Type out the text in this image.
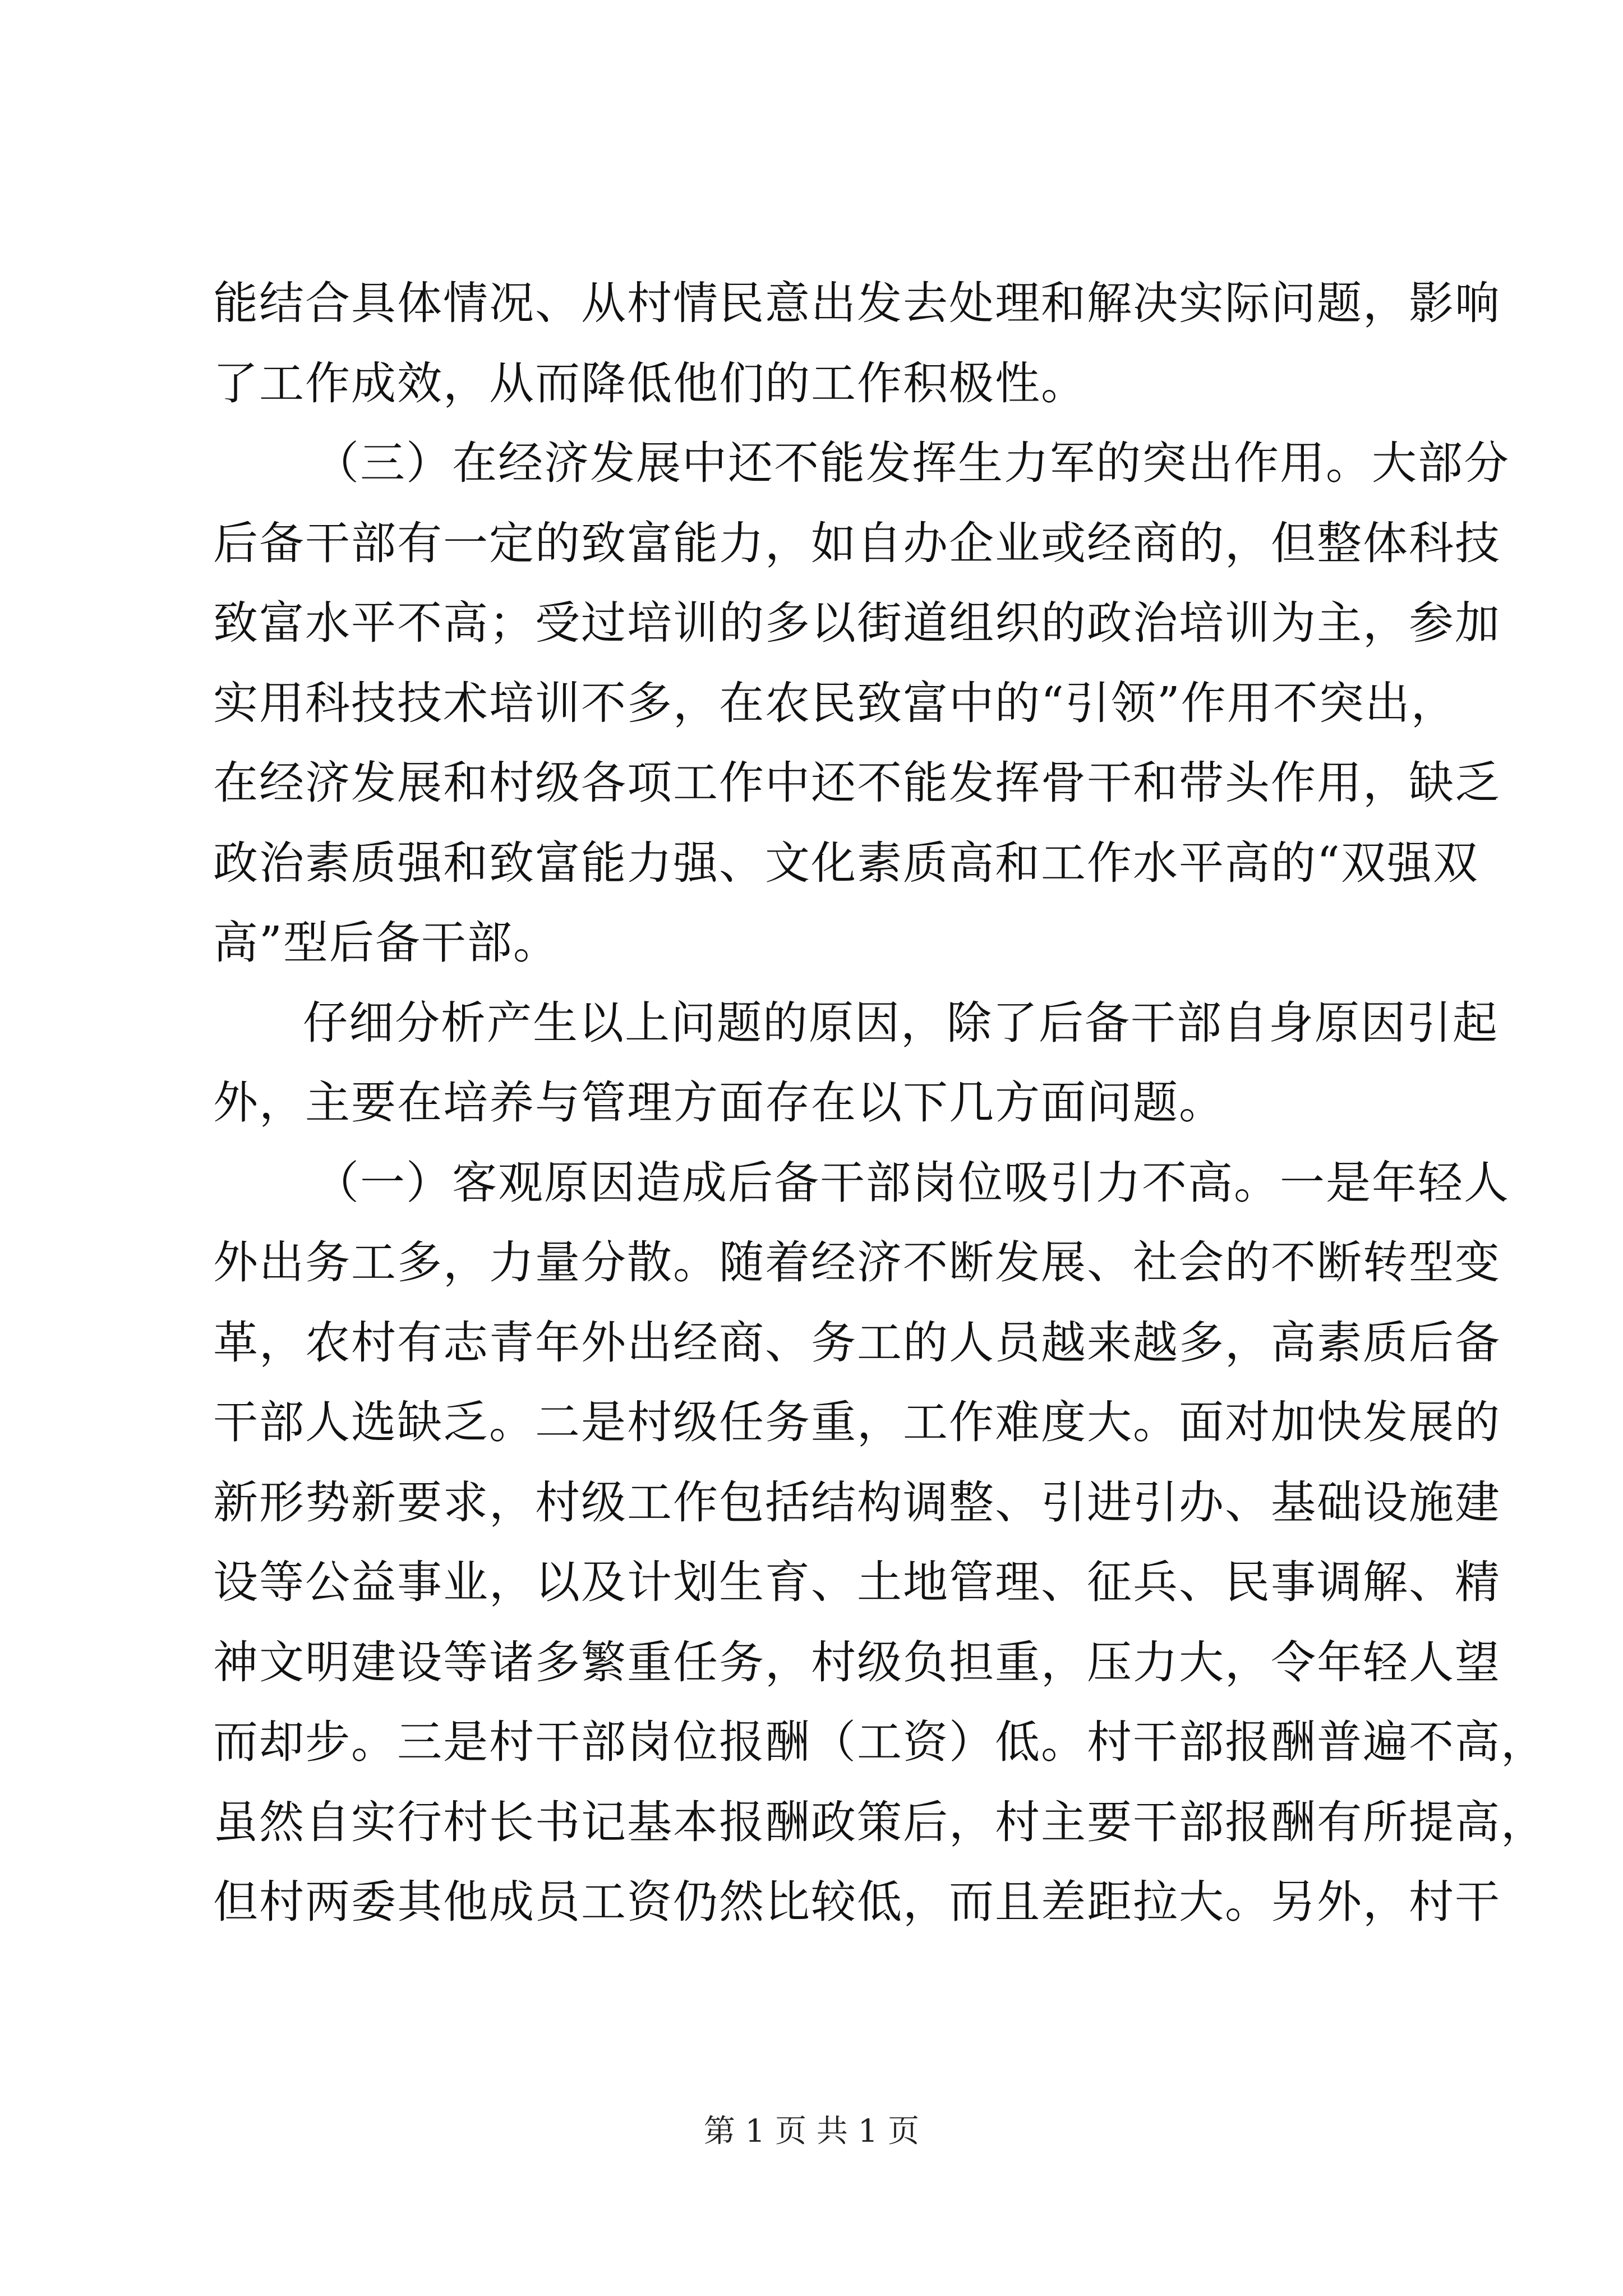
能结合具体情况、从村情民意出发去处理和解决实际问题，影响
了工作成效，从而降低他们的工作积极性。
（三）在经济发展中还不能发挥生力军的突出作用。大部分
后备干部有一定的致富能力，如自办企业或经商的，但整体科技
致富水平不高；受过培训的多以街道组织的政治培训为主，参加
实用科技技术培训不多，在农民致富中的“引领”作用不突出，
在经济发展和村级各项工作中还不能发挥骨干和带头作用，缺乏
政治素质强和致富能力强、文化素质高和工作水平高的“双强双
高”型后备干部。
仔细分析产生以上问题的原因，除了后备干部自身原因引起
外，主要在培养与管理方面存在以下几方面问题。
（一）客观原因造成后备干部岗位吸引力不高。一是年轻人
外出务工多，力量分散。随着经济不断发展、社会的不断转型变
革，农村有志青年外出经商、务工的人员越来越多，高素质后备
干部人选缺乏。二是村级任务重，工作难度大。面对加快发展的
新形势新要求，村级工作包括结构调整、引进引办、基础设施建
设等公益事业，以及计划生育、土地管理、征兵、民事调解、精
神文明建设等诸多繁重任务，村级负担重，压力大，令年轻人望
而却步。三是村干部岗位报酬（工资）低。村干部报酬普遍不高，
虽然自实行村长书记基本报酬政策后，村主要干部报酬有所提高，
但村两委其他成员工资仍然比较低，而且差距拉大。另外，村干
第 1 页 共 1 页
